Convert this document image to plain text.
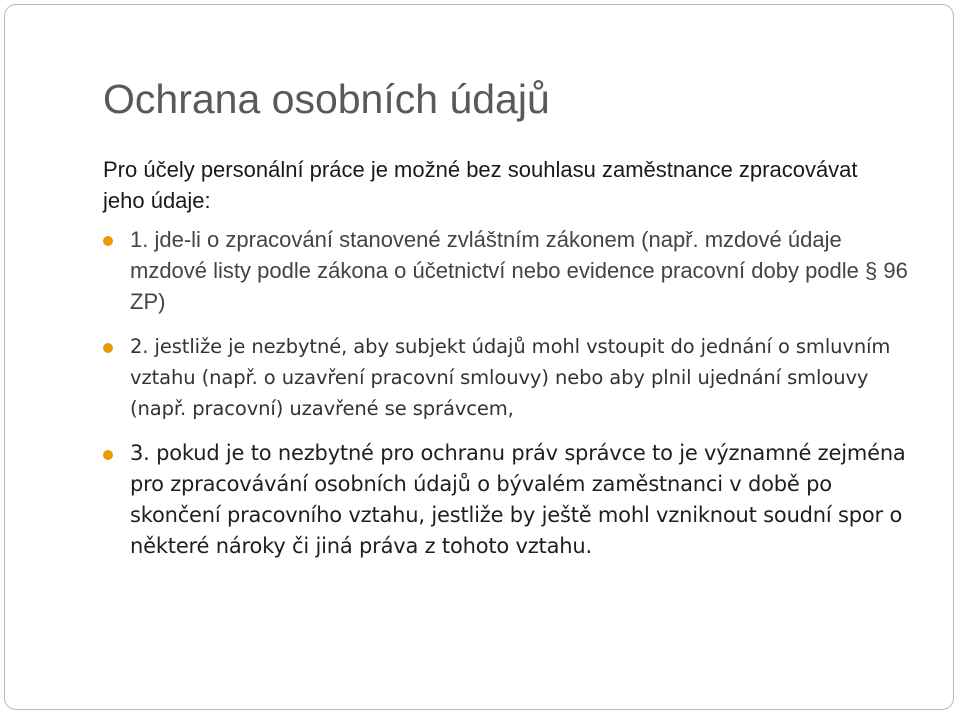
Ochrana osobních údajů

Pro účely personální práce je možné bez souhlasu zaměstnance zpracovávat jeho údaje:

1. jde-li o zpracování stanovené zvláštním zákonem (např. mzdové údaje mzdové listy podle zákona o účetnictví nebo evidence pracovní doby podle § 96 ZP)
2. jestliže je nezbytné, aby subjekt údajů mohl vstoupit do jednání o smluvním vztahu (např. o uzavření pracovní smlouvy) nebo aby plnil ujednání smlouvy (např. pracovní) uzavřené se správcem,
3. pokud je to nezbytné pro ochranu práv správce to je významné zejména pro zpracovávání osobních údajů o bývalém zaměstnanci v době po skončení pracovního vztahu, jestliže by ještě mohl vzniknout soudní spor o některé nároky či jiná práva z tohoto vztahu.
